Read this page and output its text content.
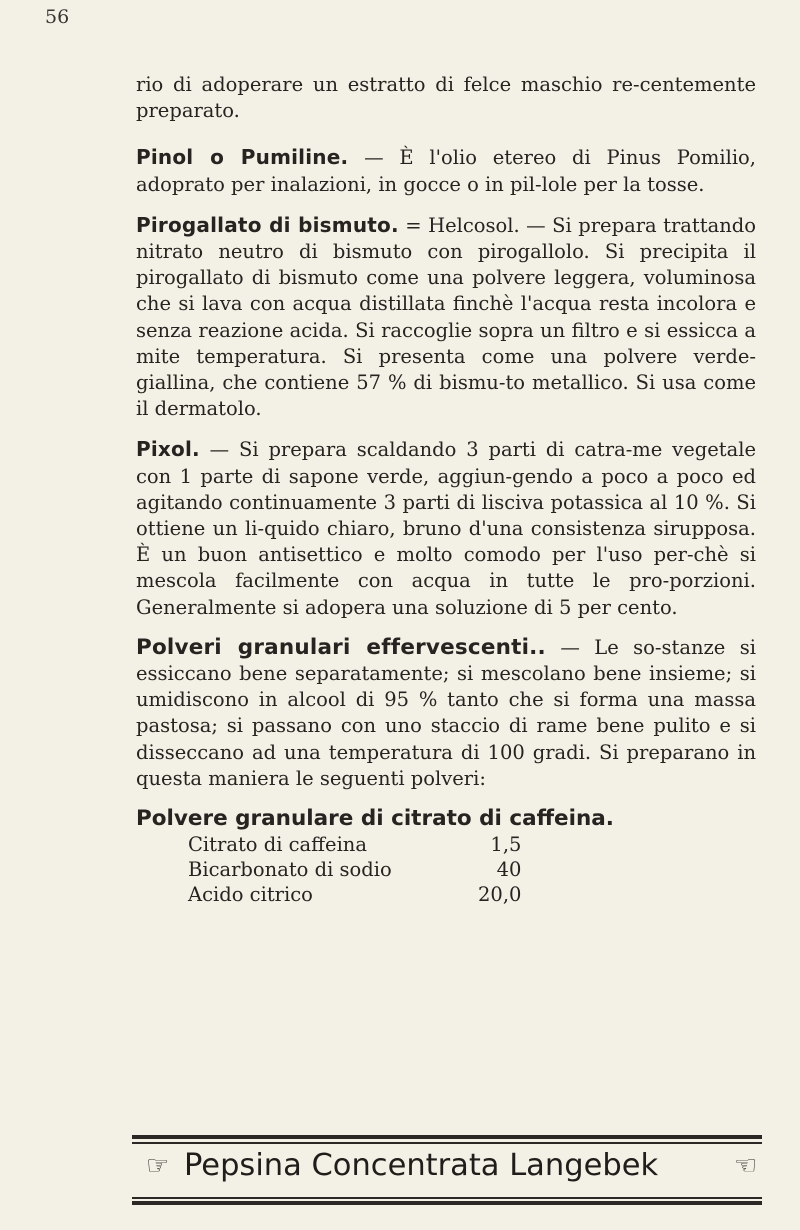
56

rio di adoperare un estratto di felce maschio re-centemente preparato.

Pinol o Pumiline. — È l'olio etereo di Pinus Pomilio, adoprato per inalazioni, in gocce o in pil-lole per la tosse.

Pirogallato di bismuto. = Helcosol. — Si prepara trattando nitrato neutro di bismuto con pirogallolo. Si precipita il pirogallato di bismuto come una polvere leggera, voluminosa che si lava con acqua distillata finchè l'acqua resta incolora e senza reazione acida. Si raccoglie sopra un filtro e si essicca a mite temperatura. Si presenta come una polvere verde-giallina, che contiene 57 % di bismu-to metallico. Si usa come il dermatolo.

Pixol. — Si prepara scaldando 3 parti di catra-me vegetale con 1 parte di sapone verde, aggiun-gendo a poco a poco ed agitando continuamente 3 parti di lisciva potassica al 10 %. Si ottiene un li-quido chiaro, bruno d'una consistenza sirupposa. È un buon antisettico e molto comodo per l'uso per-chè si mescola facilmente con acqua in tutte le pro-porzioni. Generalmente si adopera una soluzione di 5 per cento.

Polveri granulari effervescenti.. — Le so-stanze si essiccano bene separatamente; si mescolano bene insieme; si umidiscono in alcool di 95 % tanto che si forma una massa pastosa; si passano con uno staccio di rame bene pulito e si disseccano ad una temperatura di 100 gradi. Si preparano in questa maniera le seguenti polveri:

Polvere granulare di citrato di caffeina.
Citrato di caffeina	1,5
Bicarbonato di sodio	40
Acido citrico	20,0
☞ Pepsina Concentrata Langebek	☜
